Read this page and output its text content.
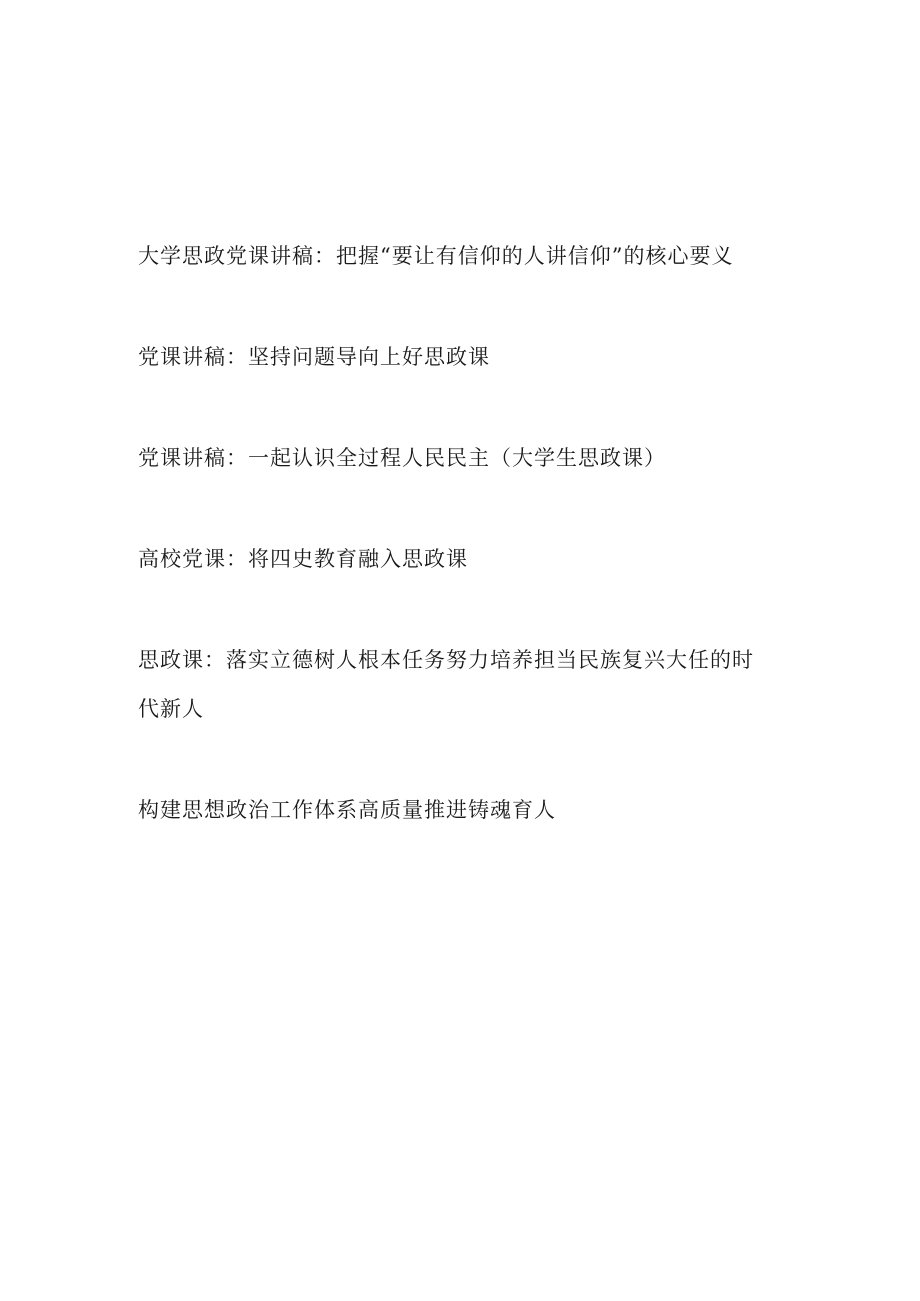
大学思政党课讲稿：把握“要让有信仰的人讲信仰”的核心要义
党课讲稿：坚持问题导向上好思政课
党课讲稿：一起认识全过程人民民主（大学生思政课）
高校党课：将四史教育融入思政课
思政课：落实立德树人根本任务努力培养担当民族复兴大任的时代新人
构建思想政治工作体系高质量推进铸魂育人
